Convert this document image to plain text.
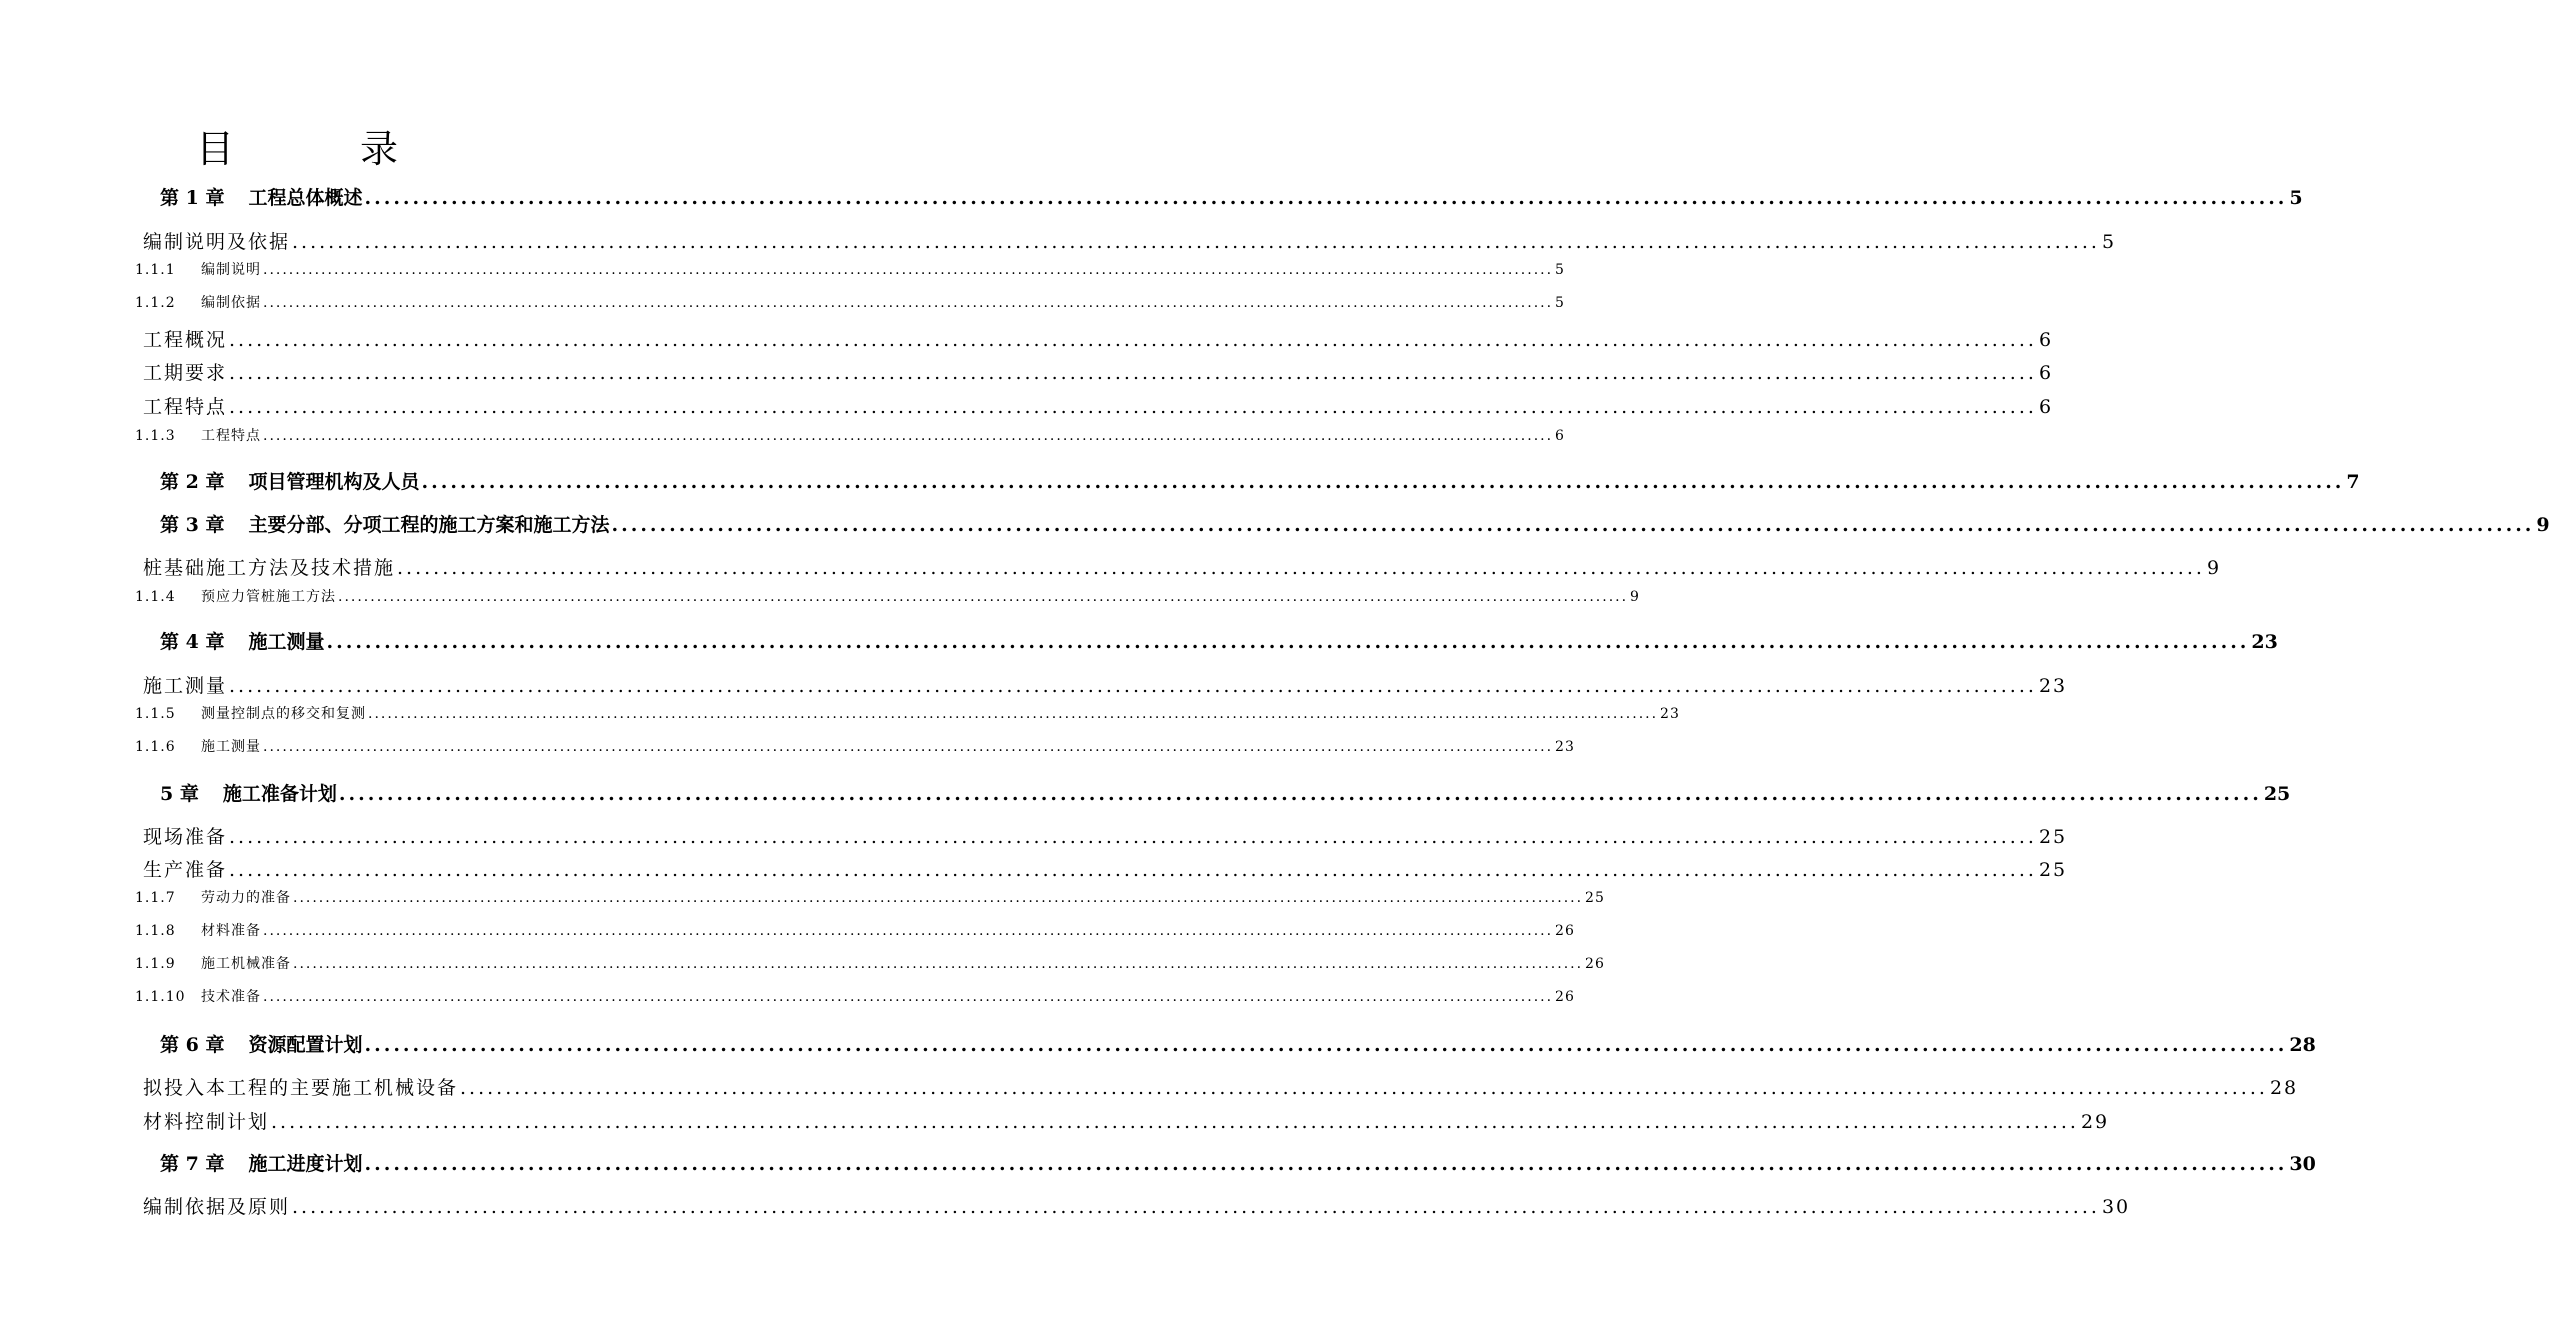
目　录
第 1 章 工程总体概述 ........................................................................................................................................................................................................ 5
编制说明及依据 ........................................................................................................................................................................................................ 5
1.1.1 编制说明 ........................................................................................................................................................................................................ 5
1.1.2 编制依据 ........................................................................................................................................................................................................ 5
工程概况 ........................................................................................................................................................................................................ 6
工期要求 ........................................................................................................................................................................................................ 6
工程特点 ........................................................................................................................................................................................................ 6
1.1.3 工程特点 ........................................................................................................................................................................................................ 6
第 2 章 项目管理机构及人员 ........................................................................................................................................................................................................ 7
第 3 章 主要分部、分项工程的施工方案和施工方法 ........................................................................................................................................................................................................ 9
桩基础施工方法及技术措施 ........................................................................................................................................................................................................ 9
1.1.4 预应力管桩施工方法 ........................................................................................................................................................................................................ 9
第 4 章 施工测量 ........................................................................................................................................................................................................ 23
施工测量 ........................................................................................................................................................................................................ 23
1.1.5 测量控制点的移交和复测 ........................................................................................................................................................................................................ 23
1.1.6 施工测量 ........................................................................................................................................................................................................ 23
5 章 施工准备计划 ........................................................................................................................................................................................................ 25
现场准备 ........................................................................................................................................................................................................ 25
生产准备 ........................................................................................................................................................................................................ 25
1.1.7 劳动力的准备 ........................................................................................................................................................................................................ 25
1.1.8 材料准备 ........................................................................................................................................................................................................ 26
1.1.9 施工机械准备 ........................................................................................................................................................................................................ 26
1.1.10 技术准备 ........................................................................................................................................................................................................ 26
第 6 章 资源配置计划 ........................................................................................................................................................................................................ 28
拟投入本工程的主要施工机械设备 ........................................................................................................................................................................................................ 28
材料控制计划 ........................................................................................................................................................................................................ 29
第 7 章 施工进度计划 ........................................................................................................................................................................................................ 30
编制依据及原则 ........................................................................................................................................................................................................ 30
